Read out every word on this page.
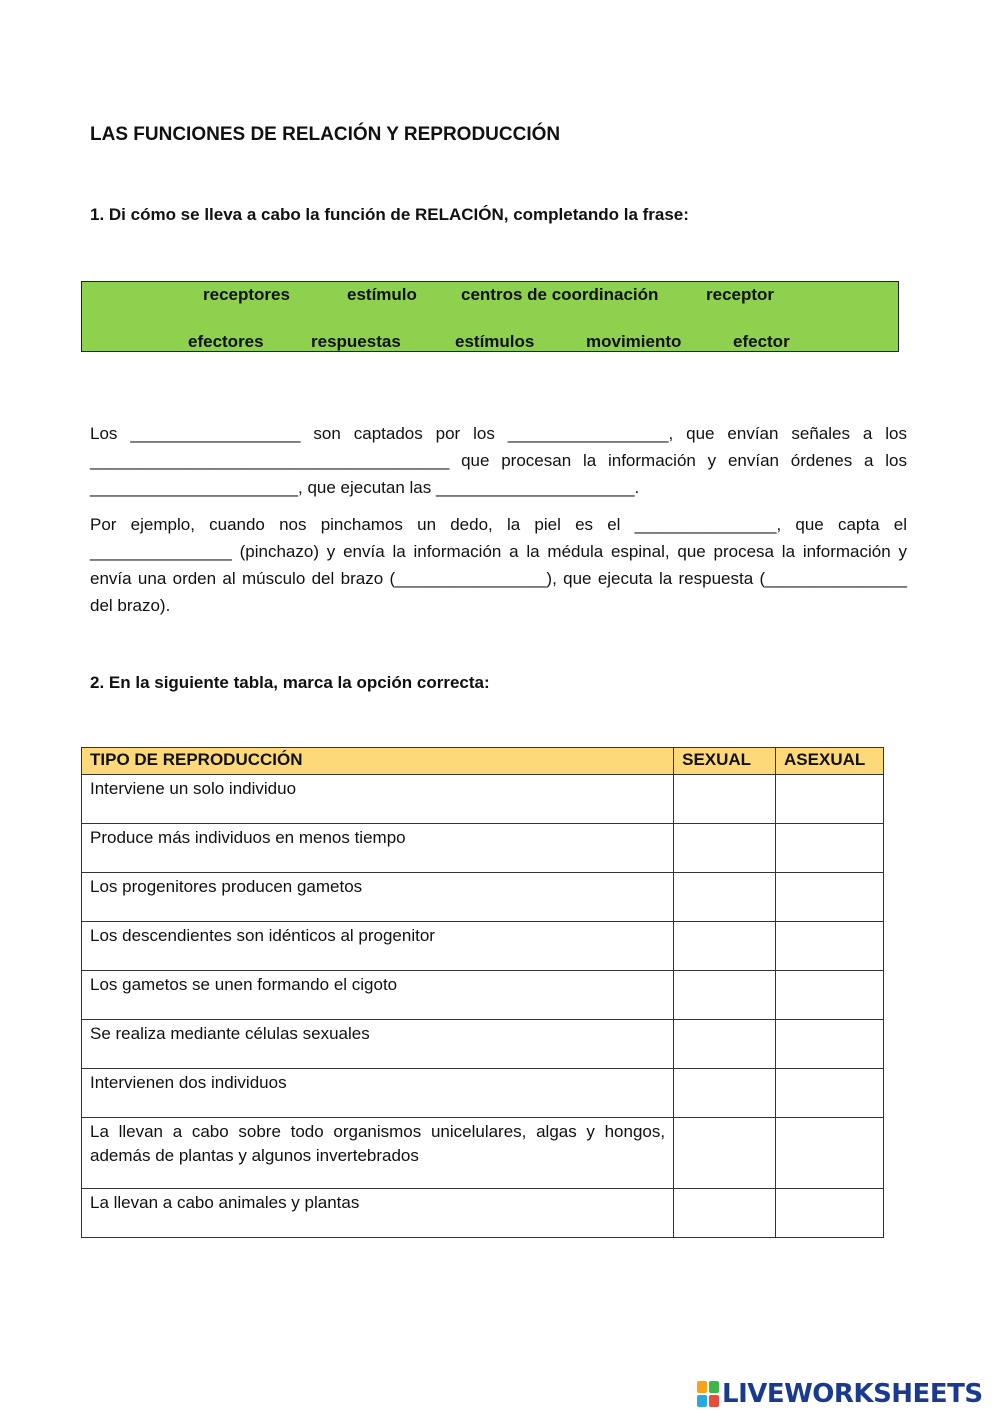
LAS FUNCIONES DE RELACIÓN Y REPRODUCCIÓN

1. Di cómo se lleva a cabo la función de RELACIÓN, completando la frase:

receptores	estímulo	centros de coordinación	receptor
efectores	respuestas	estímulos	movimiento	efector

Los __________________ son captados por los _________________, que envían señales a los ______________________________________ que procesan la información y envían órdenes a los ______________________, que ejecutan las _____________________.

Por ejemplo, cuando nos pinchamos un dedo, la piel es el _______________, que capta el _______________ (pinchazo) y envía la información a la médula espinal, que procesa la información y envía una orden al músculo del brazo (________________), que ejecuta la respuesta (_______________ del brazo).

2. En la siguiente tabla, marca la opción correcta:

TIPO DE REPRODUCCIÓN	SEXUAL	ASEXUAL
Interviene un solo individuo		
Produce más individuos en menos tiempo		
Los progenitores producen gametos		
Los descendientes son idénticos al progenitor		
Los gametos se unen formando el cigoto		
Se realiza mediante células sexuales		
Intervienen dos individuos		
La llevan a cabo sobre todo organismos unicelulares, algas y hongos, además de plantas y algunos invertebrados		
La llevan a cabo animales y plantas		
LIVEWORKSHEETS
